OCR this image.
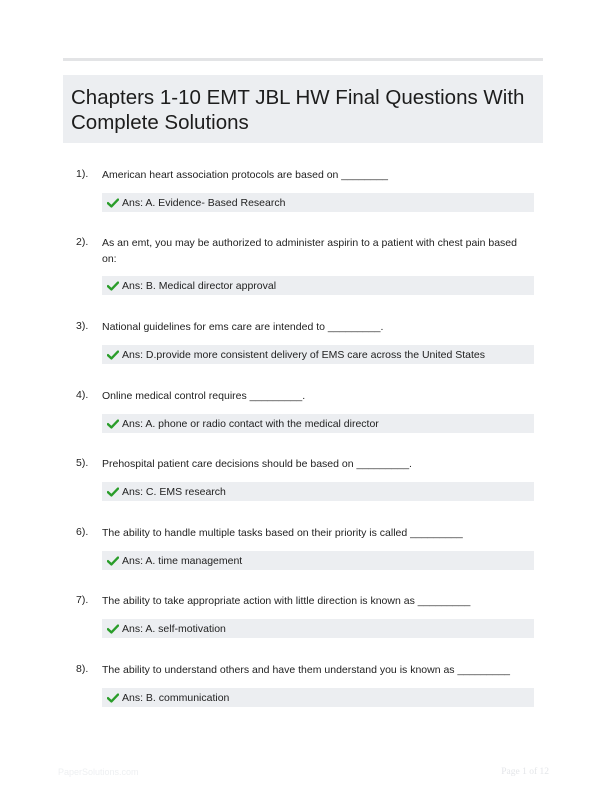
Chapters 1-10 EMT JBL HW Final Questions With Complete Solutions
1). American heart association protocols are based on ________
Ans: A. Evidence- Based Research
2). As an emt, you may be authorized to administer aspirin to a patient with chest pain based on:
Ans: B. Medical director approval
3). National guidelines for ems care are intended to _________.
Ans: D.provide more consistent delivery of EMS care across the United States
4). Online medical control requires _________.
Ans: A. phone or radio contact with the medical director
5). Prehospital patient care decisions should be based on _________.
Ans: C. EMS research
6). The ability to handle multiple tasks based on their priority is called _________
Ans: A. time management
7). The ability to take appropriate action with little direction is known as _________
Ans: A. self-motivation
8). The ability to understand others and have them understand you is known as _________
Ans: B. communication
PaperSolutions.com	Page 1 of 12
